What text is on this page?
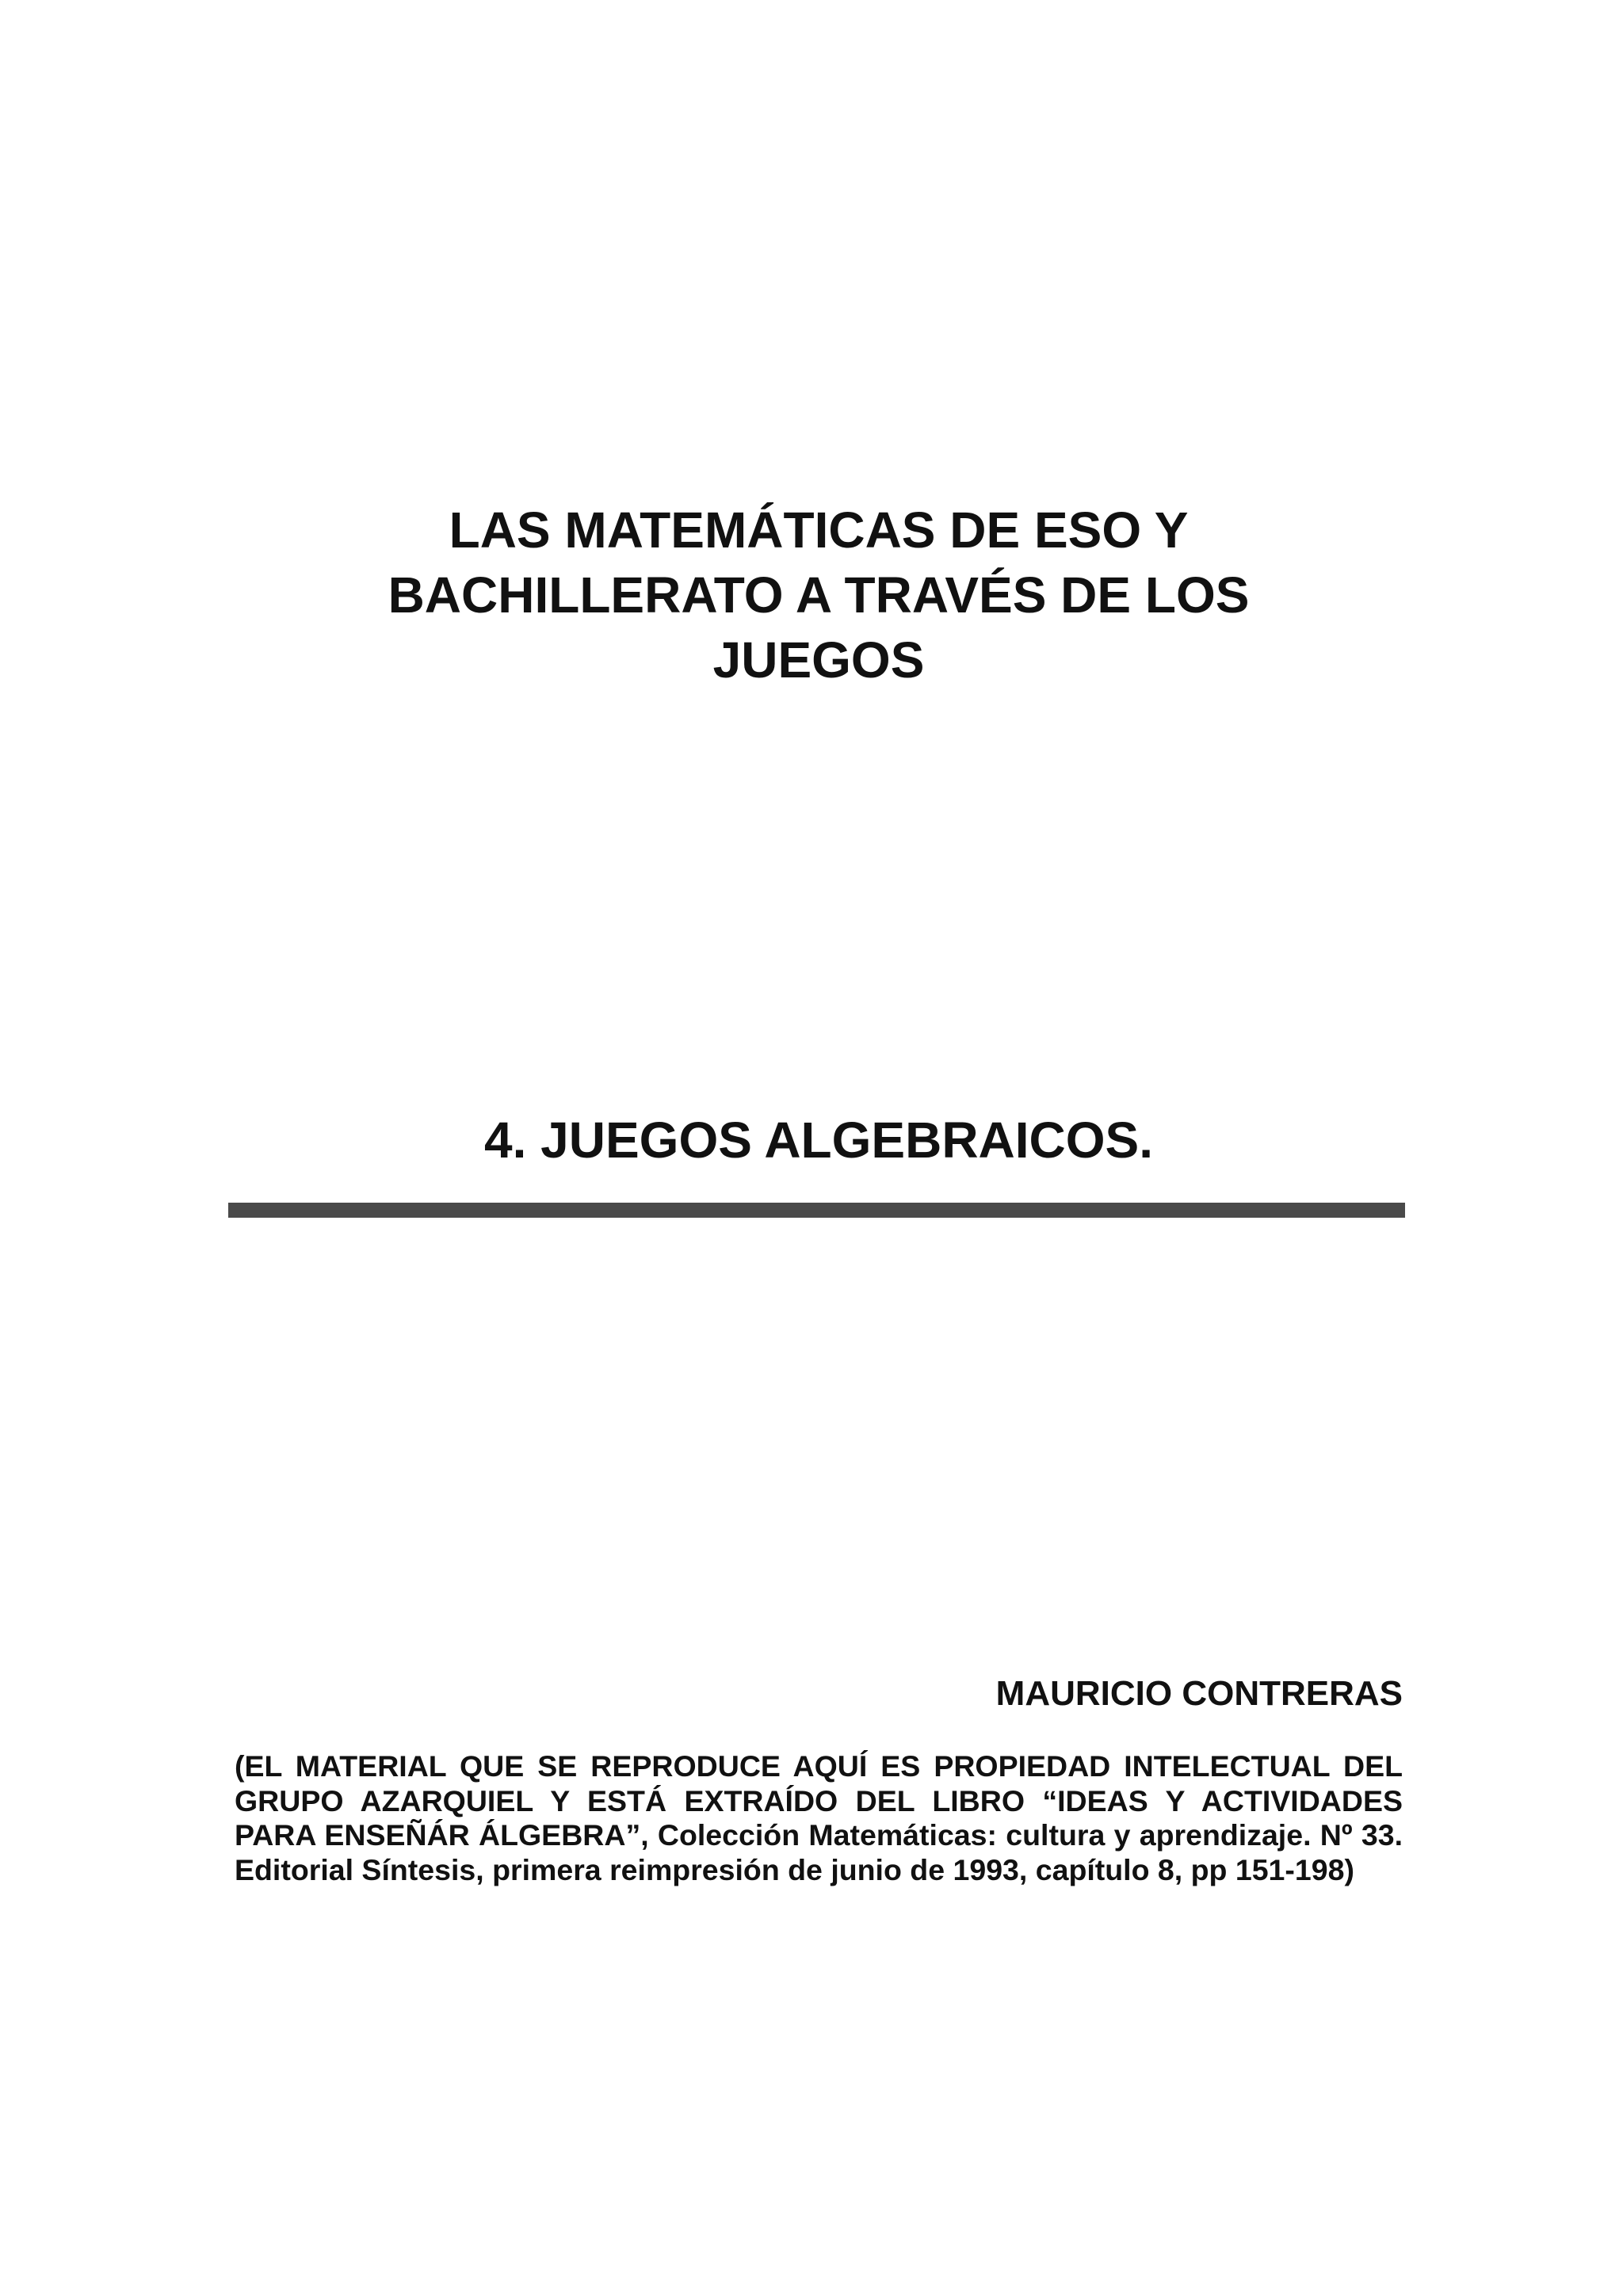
LAS MATEMÁTICAS DE ESO Y
BACHILLERATO A TRAVÉS DE LOS
JUEGOS
4. JUEGOS ALGEBRAICOS.

MAURICIO CONTRERAS

(EL MATERIAL QUE SE REPRODUCE AQUÍ ES PROPIEDAD INTELECTUAL DEL GRUPO AZARQUIEL Y ESTÁ EXTRAÍDO DEL LIBRO “IDEAS Y ACTIVIDADES PARA ENSEÑÁR ÁLGEBRA”, Colección Matemáticas: cultura y aprendizaje. Nº 33. Editorial Síntesis, primera reimpresión de junio de 1993, capítulo 8, pp 151-198)
